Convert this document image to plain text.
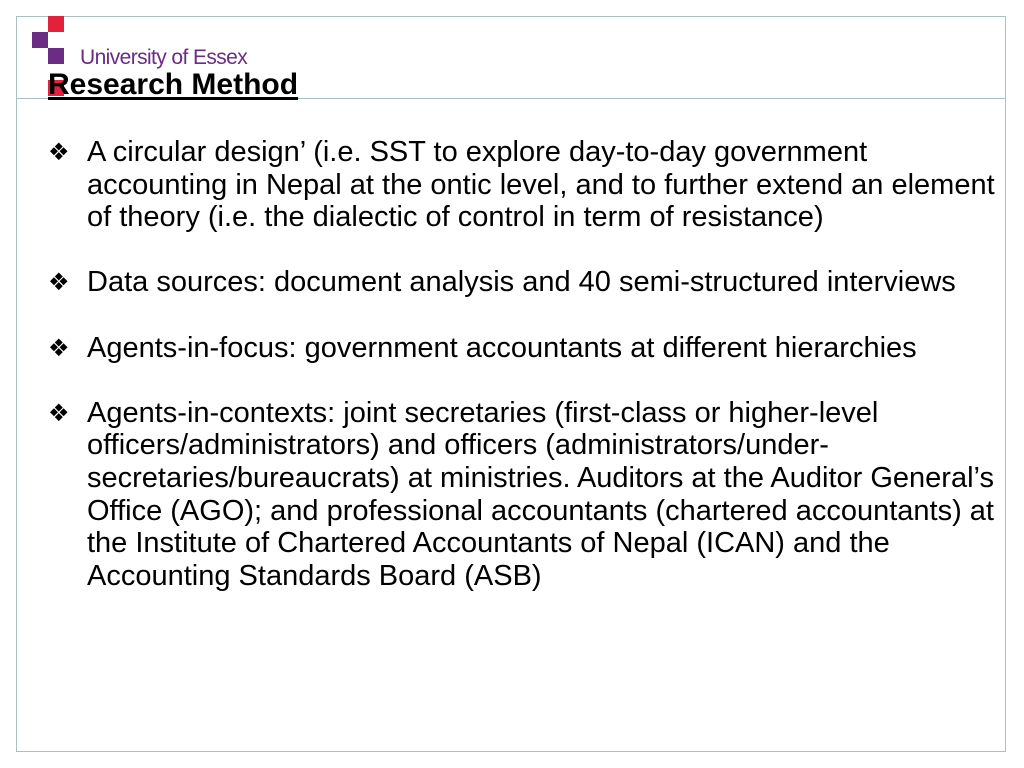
University of Essex
Research Method
❖ A circular design’ (i.e. SST to explore day-to-day government accounting in Nepal at the ontic level, and to further extend an element of theory (i.e. the dialectic of control in term of resistance)
❖ Data sources: document analysis and 40 semi-structured interviews
❖ Agents-in-focus: government accountants at different hierarchies
❖ Agents-in-contexts: joint secretaries (first-class or higher-level officers/administrators) and officers (administrators/under-secretaries/bureaucrats) at ministries. Auditors at the Auditor General’s Office (AGO); and professional accountants (chartered accountants) at the Institute of Chartered Accountants of Nepal (ICAN) and the Accounting Standards Board (ASB)
